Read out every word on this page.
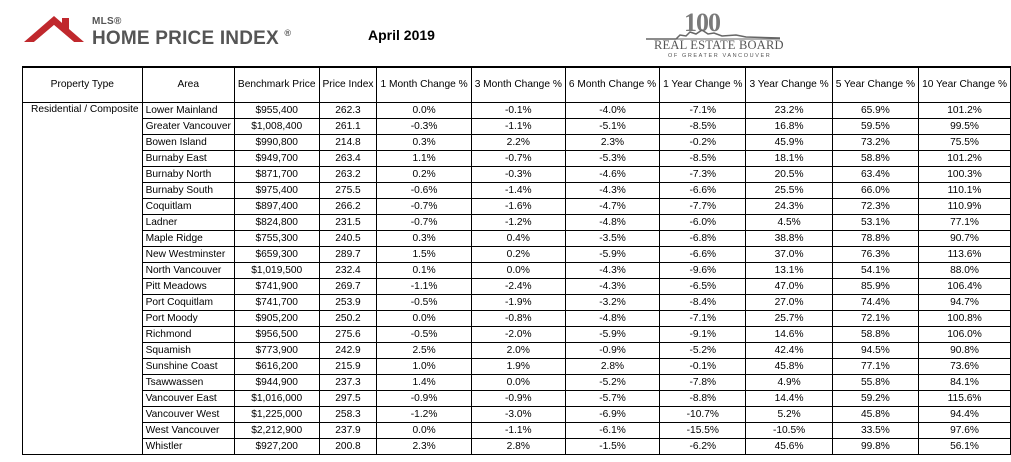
MLS®
HOME PRICE INDEX ®	April 2019	100
REAL ESTATE BOARD
OF GREATER VANCOUVER
Property Type	Area	Benchmark Price	Price Index	1 Month Change %	3 Month Change %	6 Month Change %	1 Year Change %	3 Year Change %	5 Year Change %	10 Year Change %
Residential / Composite	Lower Mainland	$955,400	262.3	0.0%	-0.1%	-4.0%	-7.1%	23.2%	65.9%	101.2%
	Greater Vancouver	$1,008,400	261.1	-0.3%	-1.1%	-5.1%	-8.5%	16.8%	59.5%	99.5%
	Bowen Island	$990,800	214.8	0.3%	2.2%	2.3%	-0.2%	45.9%	73.2%	75.5%
	Burnaby East	$949,700	263.4	1.1%	-0.7%	-5.3%	-8.5%	18.1%	58.8%	101.2%
	Burnaby North	$871,700	263.2	0.2%	-0.3%	-4.6%	-7.3%	20.5%	63.4%	100.3%
	Burnaby South	$975,400	275.5	-0.6%	-1.4%	-4.3%	-6.6%	25.5%	66.0%	110.1%
	Coquitlam	$897,400	266.2	-0.7%	-1.6%	-4.7%	-7.7%	24.3%	72.3%	110.9%
	Ladner	$824,800	231.5	-0.7%	-1.2%	-4.8%	-6.0%	4.5%	53.1%	77.1%
	Maple Ridge	$755,300	240.5	0.3%	0.4%	-3.5%	-6.8%	38.8%	78.8%	90.7%
	New Westminster	$659,300	289.7	1.5%	0.2%	-5.9%	-6.6%	37.0%	76.3%	113.6%
	North Vancouver	$1,019,500	232.4	0.1%	0.0%	-4.3%	-9.6%	13.1%	54.1%	88.0%
	Pitt Meadows	$741,900	269.7	-1.1%	-2.4%	-4.3%	-6.5%	47.0%	85.9%	106.4%
	Port Coquitlam	$741,700	253.9	-0.5%	-1.9%	-3.2%	-8.4%	27.0%	74.4%	94.7%
	Port Moody	$905,200	250.2	0.0%	-0.8%	-4.8%	-7.1%	25.7%	72.1%	100.8%
	Richmond	$956,500	275.6	-0.5%	-2.0%	-5.9%	-9.1%	14.6%	58.8%	106.0%
	Squamish	$773,900	242.9	2.5%	2.0%	-0.9%	-5.2%	42.4%	94.5%	90.8%
	Sunshine Coast	$616,200	215.9	1.0%	1.9%	2.8%	-0.1%	45.8%	77.1%	73.6%
	Tsawwassen	$944,900	237.3	1.4%	0.0%	-5.2%	-7.8%	4.9%	55.8%	84.1%
	Vancouver East	$1,016,000	297.5	-0.9%	-0.9%	-5.7%	-8.8%	14.4%	59.2%	115.6%
	Vancouver West	$1,225,000	258.3	-1.2%	-3.0%	-6.9%	-10.7%	5.2%	45.8%	94.4%
	West Vancouver	$2,212,900	237.9	0.0%	-1.1%	-6.1%	-15.5%	-10.5%	33.5%	97.6%
	Whistler	$927,200	200.8	2.3%	2.8%	-1.5%	-6.2%	45.6%	99.8%	56.1%
